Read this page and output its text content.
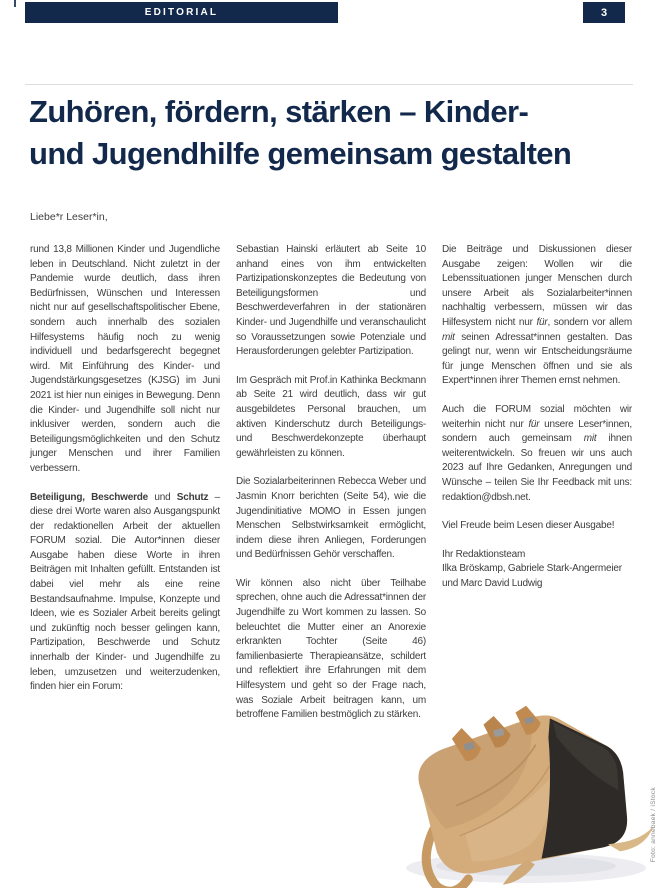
EDITORIAL	3
Zuhören, fördern, stärken – Kinder-
und Jugendhilfe gemeinsam gestalten
Liebe*r Leser*in,

rund 13,8 Millionen Kinder und Jugendliche leben in Deutschland. Nicht zuletzt in der Pandemie wurde deutlich, dass ihren Bedürfnissen, Wünschen und Interessen nicht nur auf gesellschaftspolitischer Ebene, sondern auch innerhalb des sozialen Hilfesystems häufig noch zu wenig individuell und bedarfsgerecht begegnet wird. Mit Einführung des Kinder- und Jugendstärkungsgesetzes (KJSG) im Juni 2021 ist hier nun einiges in Bewegung. Denn die Kinder- und Jugendhilfe soll nicht nur inklusiver werden, sondern auch die Beteiligungsmöglichkeiten und den Schutz junger Menschen und ihrer Familien verbessern.

Beteiligung, Beschwerde und Schutz – diese drei Worte waren also Ausgangspunkt der redaktionellen Arbeit der aktuellen FORUM sozial. Die Autor*innen dieser Ausgabe haben diese Worte in ihren Beiträgen mit Inhalten gefüllt. Entstanden ist dabei viel mehr als eine reine Bestandsaufnahme. Impulse, Konzepte und Ideen, wie es Sozialer Arbeit bereits gelingt und zukünftig noch besser gelingen kann, Partizipation, Beschwerde und Schutz innerhalb der Kinder- und Jugendhilfe zu leben, umzusetzen und weiterzudenken, finden hier ein Forum:

Sebastian Hainski erläutert ab Seite 10 anhand eines von ihm entwickelten Partizipationskonzeptes die Bedeutung von Beteiligungsformen und Beschwerdeverfahren in der stationären Kinder- und Jugendhilfe und veranschaulicht so Voraussetzungen sowie Potenziale und Herausforderungen gelebter Partizipation.

Im Gespräch mit Prof.in Kathinka Beckmann ab Seite 21 wird deutlich, dass wir gut ausgebildetes Personal brauchen, um aktiven Kinderschutz durch Beteiligungs- und Beschwerdekonzepte überhaupt gewährleisten zu können.

Die Sozialarbeiterinnen Rebecca Weber und Jasmin Knorr berichten (Seite 54), wie die Jugendinitiative MOMO in Essen jungen Menschen Selbstwirksamkeit ermöglicht, indem diese ihren Anliegen, Forderungen und Bedürfnissen Gehör verschaffen.

Wir können also nicht über Teilhabe sprechen, ohne auch die Adressat*innen der Jugendhilfe zu Wort kommen zu lassen. So beleuchtet die Mutter einer an Anorexie erkrankten Tochter (Seite 46) familienbasierte Therapieansätze, schildert und reflektiert ihre Erfahrungen mit dem Hilfesystem und geht so der Frage nach, was Soziale Arbeit beitragen kann, um betroffene Familien bestmöglich zu stärken.

Die Beiträge und Diskussionen dieser Ausgabe zeigen: Wollen wir die Lebenssituationen junger Menschen durch unsere Arbeit als Sozialarbeiter*innen nachhaltig verbessern, müssen wir das Hilfesystem nicht nur für, sondern vor allem mit seinen Adressat*innen gestalten. Das gelingt nur, wenn wir Entscheidungsräume für junge Menschen öffnen und sie als Expert*innen ihrer Themen ernst nehmen.

Auch die FORUM sozial möchten wir weiterhin nicht nur für unsere Leser*innen, sondern auch gemeinsam mit ihnen weiterentwickeln. So freuen wir uns auch 2023 auf Ihre Gedanken, Anregungen und Wünsche – teilen Sie Ihr Feedback mit uns: redaktion@dbsh.net.

Viel Freude beim Lesen dieser Ausgabe!

Ihr Redaktionsteam
Ilka Bröskamp, Gabriele Stark-Angermeier
und Marc David Ludwig

Foto: annebaek / iStock
